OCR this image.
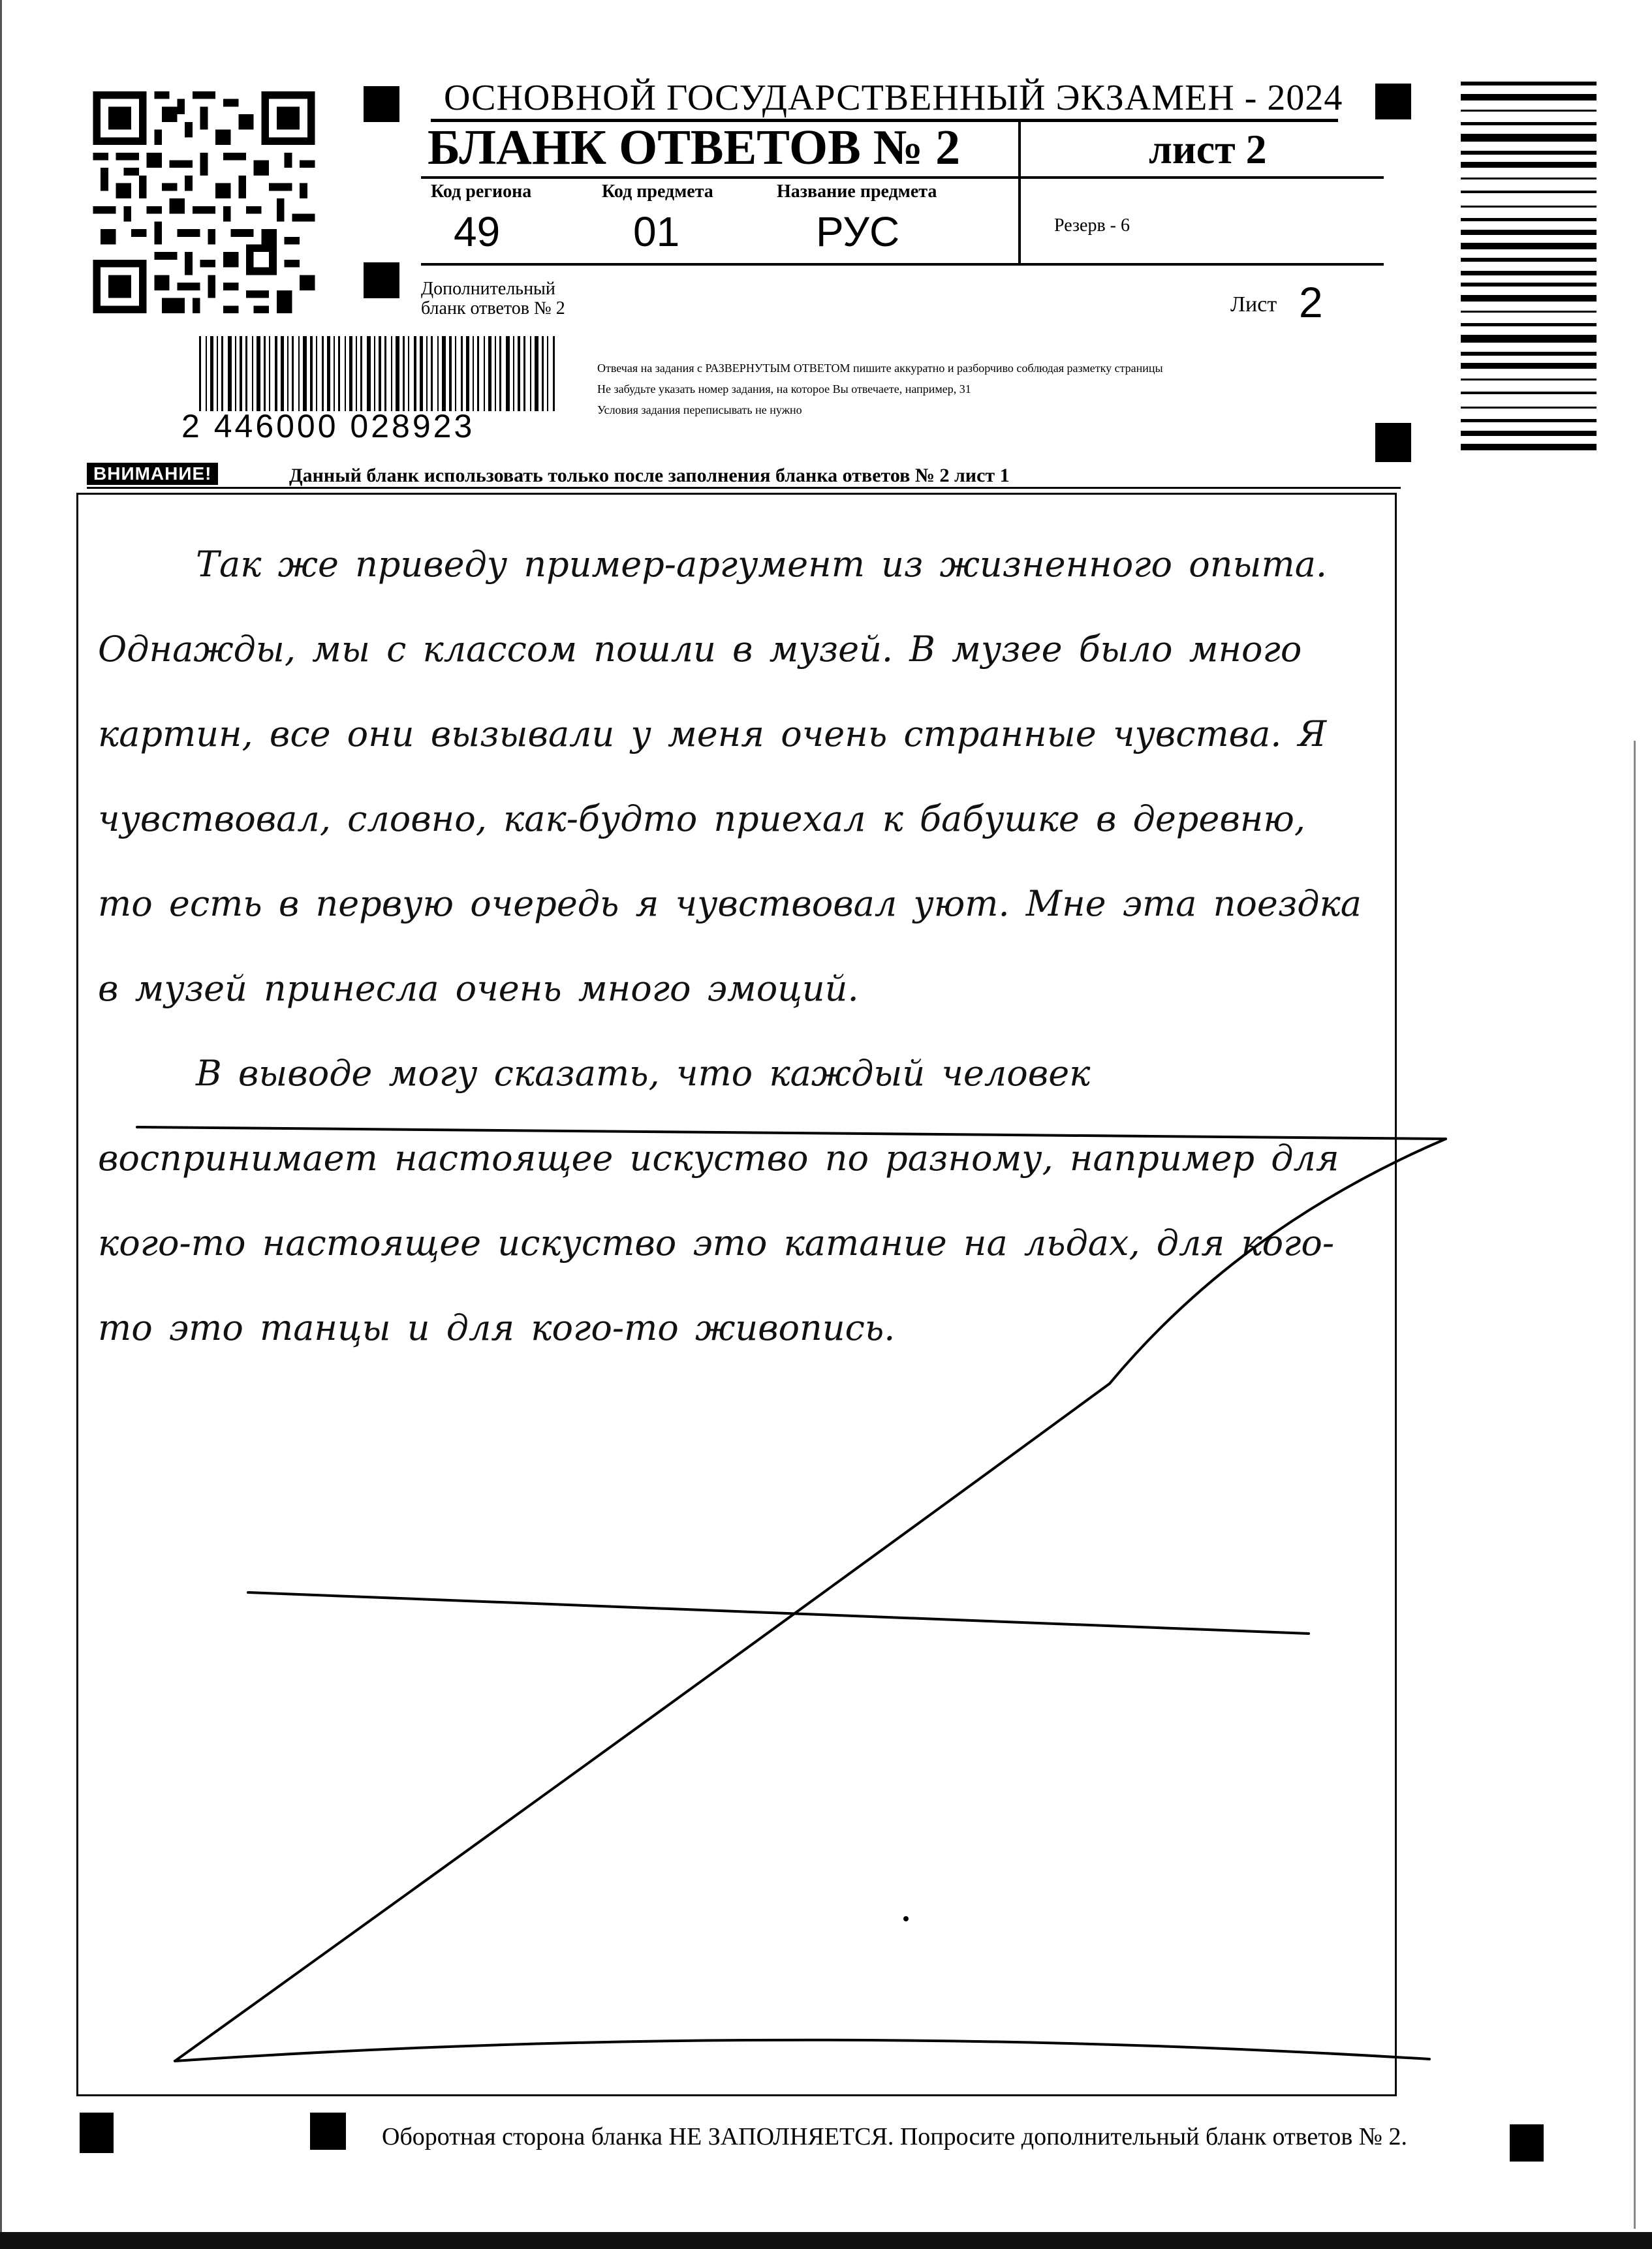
ОСНОВНОЙ ГОСУДАРСТВЕННЫЙ ЭКЗАМЕН - 2024
БЛАНК ОТВЕТОВ № 2	лист 2
Код региона
49
Код предмета
01
Название предмета
РУС	Резерв - 6
Дополнительный
бланк ответов № 2	Лист 2
2 446000 028923
Отвечая на задания с РАЗВЕРНУТЫМ ОТВЕТОМ пишите аккуратно и разборчиво соблюдая разметку страницы
Не забудьте указать номер задания, на которое Вы отвечаете, например, 31
Условия задания переписывать не нужно
ВНИМАНИЕ!	Данный бланк использовать только после заполнения бланка ответов № 2 лист 1

Так же приведу пример-аргумент из жизненного опыта. Однажды, мы с классом пошли в музей. В музее было много картин, все они вызывали у меня очень странные чувства. Я чувствовал, словно, как-будто приехал к бабушке в деревню, то есть в первую очередь я чувствовал уют. Мне эта поездка в музей принесла очень много эмоций.

В выводе могу сказать, что каждый человек воспринимает настоящее искуство по разному, например для кого-то настоящее искуство это катание на льдах, для кого-то это танцы и для кого-то живопись.

Оборотная сторона бланка НЕ ЗАПОЛНЯЕТСЯ. Попросите дополнительный бланк ответов № 2.
